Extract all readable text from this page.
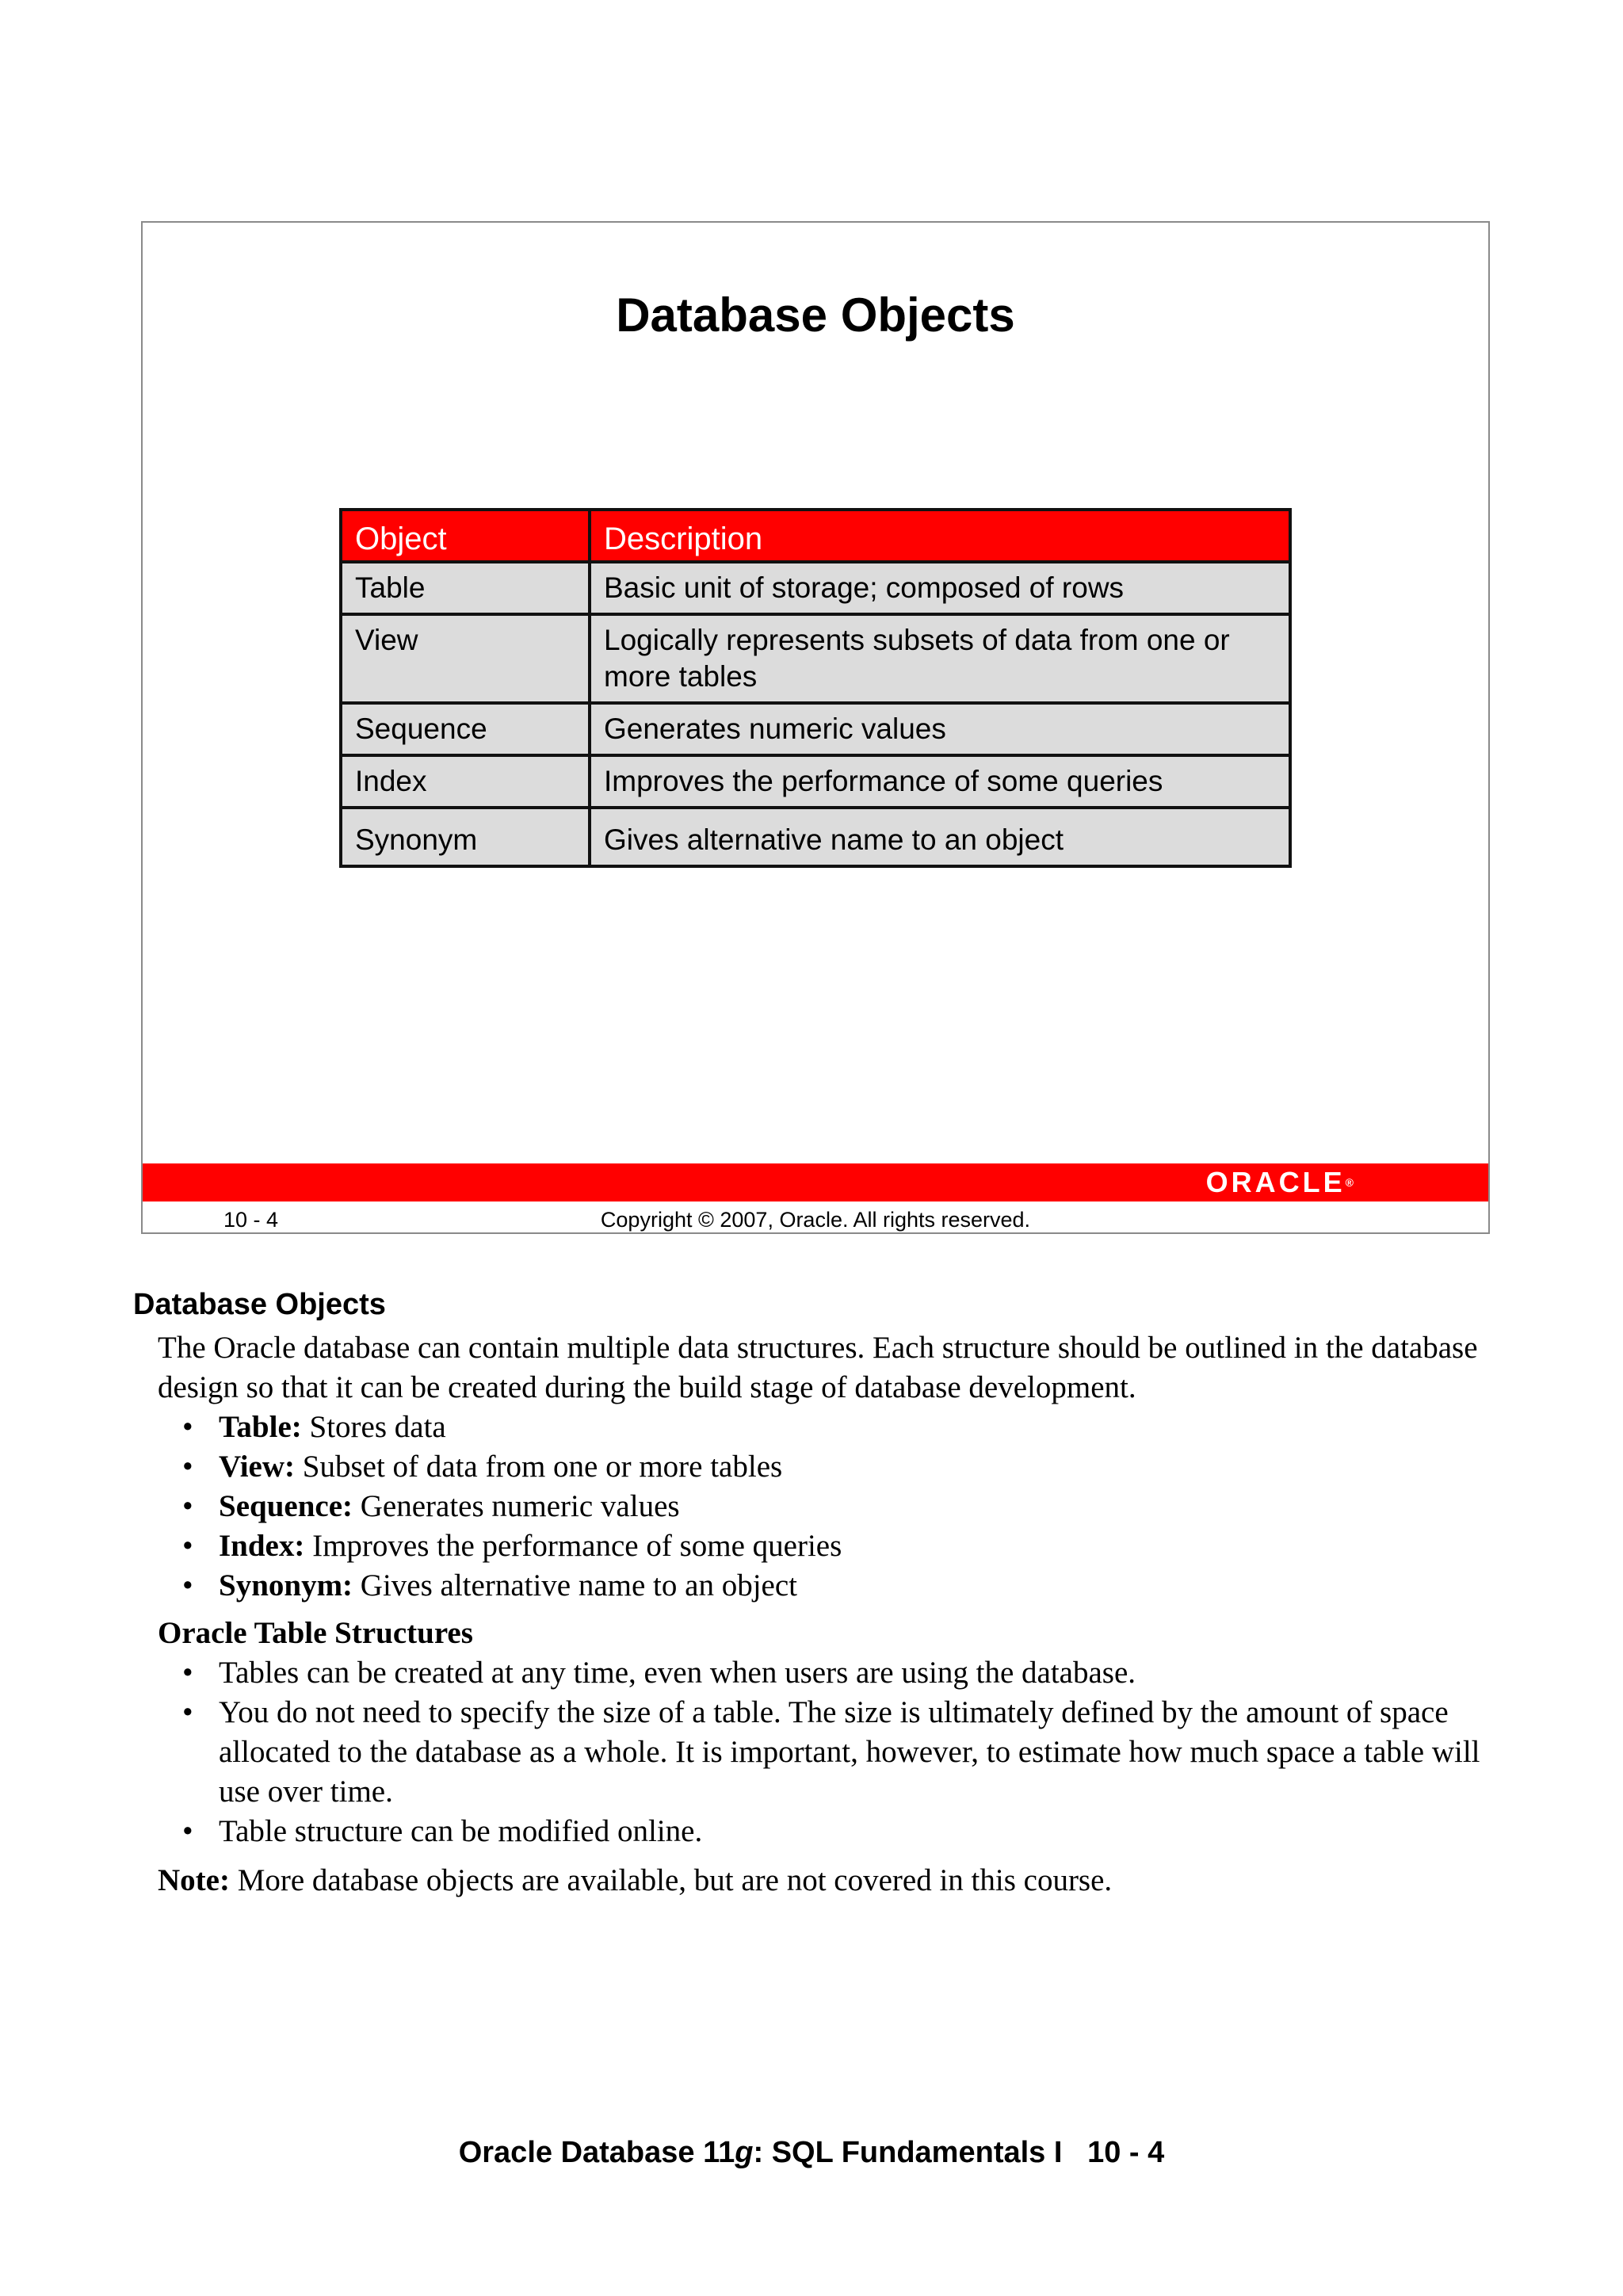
Database Objects
Object	Description
Table	Basic unit of storage; composed of rows
View	Logically represents subsets of data from one or more tables
Sequence	Generates numeric values
Index	Improves the performance of some queries
Synonym	Gives alternative name to an object
ORACLE®
10 - 4	Copyright © 2007, Oracle. All rights reserved.
Database Objects

The Oracle database can contain multiple data structures. Each structure should be outlined in the database design so that it can be created during the build stage of database development.

• Table: Stores data
• View: Subset of data from one or more tables
• Sequence: Generates numeric values
• Index: Improves the performance of some queries
• Synonym: Gives alternative name to an object

Oracle Table Structures

• Tables can be created at any time, even when users are using the database.
• You do not need to specify the size of a table. The size is ultimately defined by the amount of space allocated to the database as a whole. It is important, however, to estimate how much space a table will use over time.
• Table structure can be modified online.

Note: More database objects are available, but are not covered in this course.

Oracle Database 11g: SQL Fundamentals I 10 - 4
